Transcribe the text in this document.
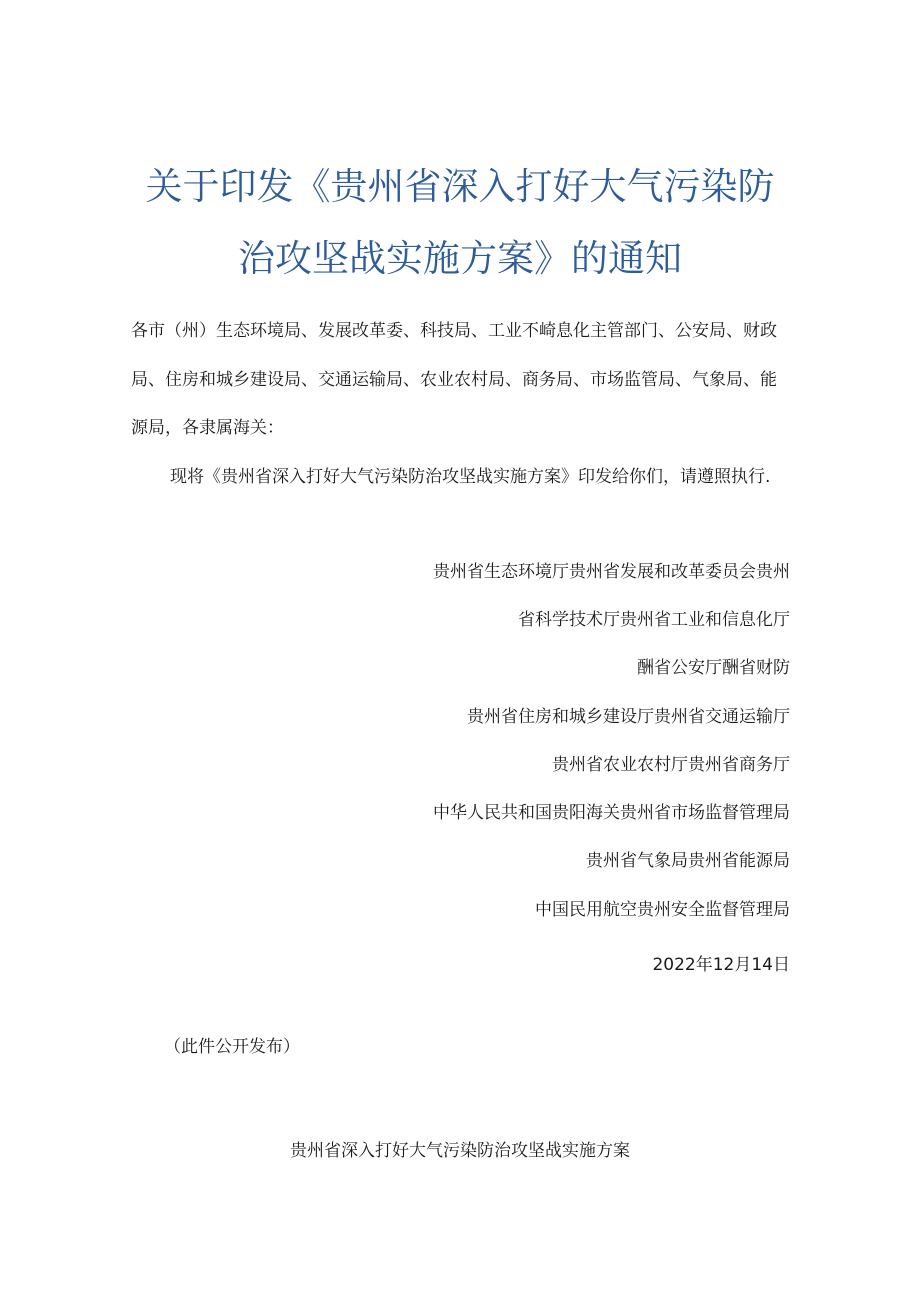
关于印发《贵州省深入打好大气污染防
治攻坚战实施方案》的通知
各市（州）生态环境局、发展改革委、科技局、工业不崎息化主管部门、公安局、财政
局、住房和城乡建设局、交通运输局、农业农村局、商务局、市场监管局、气象局、能
源局，各隶属海关：
现将《贵州省深入打好大气污染防治攻坚战实施方案》印发给你们，请遵照执行.
贵州省生态环境厅贵州省发展和改革委员会贵州
省科学技术厅贵州省工业和信息化厅
酬省公安厅酬省财防
贵州省住房和城乡建设厅贵州省交通运输厅
贵州省农业农村厅贵州省商务厅
中华人民共和国贵阳海关贵州省市场监督管理局
贵州省气象局贵州省能源局
中国民用航空贵州安全监督管理局
2022年12月14日
（此件公开发布）
贵州省深入打好大气污染防治攻坚战实施方案
